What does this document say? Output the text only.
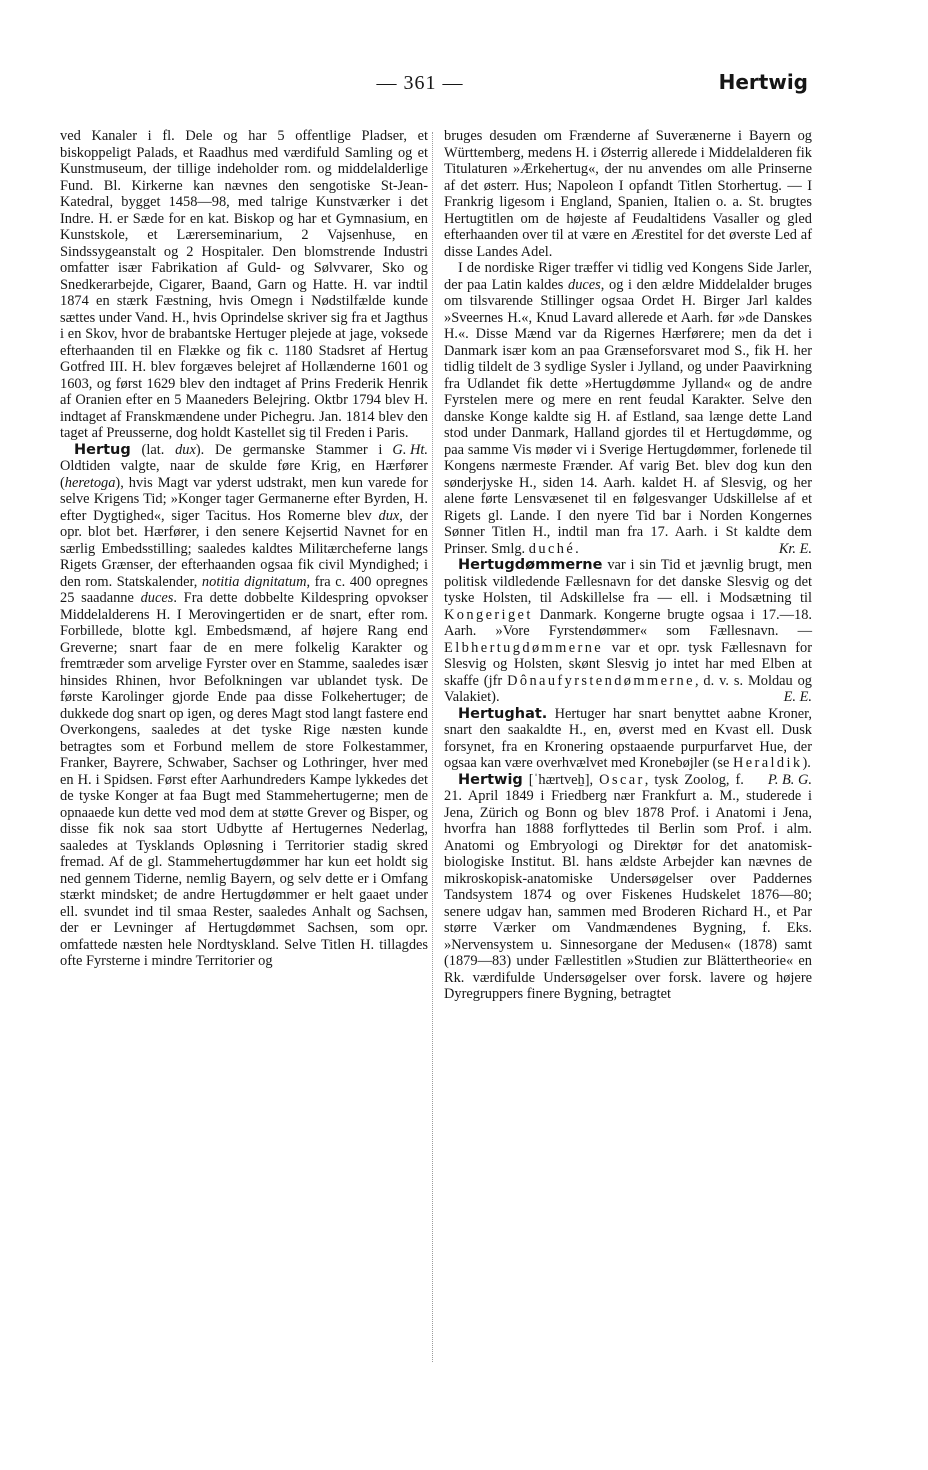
— 361 —	Hertwig

ved Kanaler i fl. Dele og har 5 offentlige Pladser, et biskoppeligt Palads, et Raadhus med værdifuld Samling og et Kunstmuseum, der tillige indeholder rom. og middelalderlige Fund. Bl. Kirkerne kan nævnes den sengotiske St-Jean-Katedral, bygget 1458—98, med talrige Kunstværker i det Indre. H. er Sæde for en kat. Biskop og har et Gymnasium, en Kunstskole, et Lærerseminarium, 2 Vajsenhuse, en Sindssygeanstalt og 2 Hospitaler. Den blomstrende Industri omfatter især Fabrikation af Guld- og Sølvvarer, Sko og Snedkerarbejde, Cigarer, Baand, Garn og Hatte. H. var indtil 1874 en stærk Fæstning, hvis Omegn i Nødstilfælde kunde sættes under Vand. H., hvis Oprindelse skriver sig fra et Jagthus i en Skov, hvor de brabantske Hertuger plejede at jage, voksede efterhaanden til en Flække og fik c. 1180 Stadsret af Hertug Gotfred III. H. blev forgæves belejret af Hollænderne 1601 og 1603, og først 1629 blev den indtaget af Prins Frederik Henrik af Oranien efter en 5 Maaneders Belejring. Oktbr 1794 blev H. indtaget af Franskmændene under Pichegru. Jan. 1814 blev den taget af Preusserne, dog holdt Kastellet sig til Freden i Paris.
G. Ht.

Hertug (lat. dux). De germanske Stammer i Oldtiden valgte, naar de skulde føre Krig, en Hærfører (heretoga), hvis Magt var yderst udstrakt, men kun varede for selve Krigens Tid; »Konger tager Germanerne efter Byrden, H. efter Dygtighed«, siger Tacitus. Hos Romerne blev dux, der opr. blot bet. Hærfører, i den senere Kejsertid Navnet for en særlig Embedsstilling; saaledes kaldtes Militærcheferne langs Rigets Grænser, der efterhaanden ogsaa fik civil Myndighed; i den rom. Statskalender, notitia dignitatum, fra c. 400 opregnes 25 saadanne duces. Fra dette dobbelte Kildespring opvokser Middelalderens H. I Merovingertiden er de snart, efter rom. Forbillede, blotte kgl. Embedsmænd, af højere Rang end Greverne; snart faar de en mere folkelig Karakter og fremtræder som arvelige Fyrster over en Stamme, saaledes især hinsides Rhinen, hvor Befolkningen var ublandet tysk. De første Karolinger gjorde Ende paa disse Folkehertuger; de dukkede dog snart op igen, og deres Magt stod langt fastere end Overkongens, saaledes at det tyske Rige næsten kunde betragtes som et Forbund mellem de store Folkestammer, Franker, Bayrere, Schwaber, Sachser og Lothringer, hver med en H. i Spidsen. Først efter Aarhundreders Kampe lykkedes det de tyske Konger at faa Bugt med Stammehertugerne; men de opnaaede kun dette ved mod dem at støtte Grever og Bisper, og disse fik nok saa stort Udbytte af Hertugernes Nederlag, saaledes at Tysklands Opløsning i Territorier stadig skred fremad. Af de gl. Stammehertugdømmer har kun eet holdt sig ned gennem Tiderne, nemlig Bayern, og selv dette er i Omfang stærkt mindsket; de andre Hertugdømmer er helt gaaet under ell. svundet ind til smaa Rester, saaledes Anhalt og Sachsen, der er Levninger af Hertugdømmet Sachsen, som opr. omfattede næsten hele Nordtyskland. Selve Titlen H. tillagdes ofte Fyrsterne i mindre Territorier og

bruges desuden om Frænderne af Suverænerne i Bayern og Württemberg, medens H. i Østerrig allerede i Middelalderen fik Titulaturen »Ærkehertug«, der nu anvendes om alle Prinserne af det østerr. Hus; Napoleon I opfandt Titlen Storhertug. — I Frankrig ligesom i England, Spanien, Italien o. a. St. brugtes Hertugtitlen om de højeste af Feudaltidens Vasaller og gled efterhaanden over til at være en Ærestitel for det øverste Led af disse Landes Adel.

I de nordiske Riger træffer vi tidlig ved Kongens Side Jarler, der paa Latin kaldes duces, og i den ældre Middelalder bruges om tilsvarende Stillinger ogsaa Ordet H. Birger Jarl kaldes »Sveernes H.«, Knud Lavard allerede et Aarh. før »de Danskes H.«. Disse Mænd var da Rigernes Hærførere; men da det i Danmark især kom an paa Grænseforsvaret mod S., fik H. her tidlig tildelt de 3 sydlige Sysler i Jylland, og under Paavirkning fra Udlandet fik dette »Hertugdømme Jylland« og de andre Fyrstelen mere og mere en rent feudal Karakter. Selve den danske Konge kaldte sig H. af Estland, saa længe dette Land stod under Danmark, Halland gjordes til et Hertugdømme, og paa samme Vis møder vi i Sverige Hertugdømmer, forlenede til Kongens nærmeste Frænder. Af varig Bet. blev dog kun den sønderjyske H., siden 14. Aarh. kaldet H. af Slesvig, og her alene førte Lensvæsenet til en følgesvanger Udskillelse af et Rigets gl. Lande. I den nyere Tid bar i Norden Kongernes Sønner Titlen H., indtil man fra 17. Aarh. i St kaldte dem Prinser. Smlg. duché.	Kr. E.

Hertugdømmerne var i sin Tid et jævnlig brugt, men politisk vildledende Fællesnavn for det danske Slesvig og det tyske Holsten, til Adskillelse fra — ell. i Modsætning til Kongeriget Danmark. Kongerne brugte ogsaa i 17.—18. Aarh. »Vore Fyrstendømmer« som Fællesnavn. — Elbhertugdømmerne var et opr. tysk Fællesnavn for Slesvig og Holsten, skønt Slesvig jo intet har med Elben at skaffe (jfr Dônaufyrstendømmerne, d. v. s. Moldau og Valakiet).	E. E.

Hertughat. Hertuger har snart benyttet aabne Kroner, snart den saakaldte H., en, øverst med en Kvast ell. Dusk forsynet, fra en Kronering opstaaende purpurfarvet Hue, der ogsaa kan være overhvælvet med Kronebøjler (se Heraldik).
P. B. G.

Hertwig [ˈhærtveẖ], Oscar, tysk Zoolog, f. 21. April 1849 i Friedberg nær Frankfurt a. M., studerede i Jena, Zürich og Bonn og blev 1878 Prof. i Anatomi i Jena, hvorfra han 1888 forflyttedes til Berlin som Prof. i alm. Anatomi og Embryologi og Direktør for det anatomisk-biologiske Institut. Bl. hans ældste Arbejder kan nævnes de mikroskopisk-anatomiske Undersøgelser over Paddernes Tandsystem 1874 og over Fiskenes Hudskelet 1876—80; senere udgav han, sammen med Broderen Richard H., et Par større Værker om Vandmændenes Bygning, f. Eks. »Nervensystem u. Sinnesorgane der Medusen« (1878) samt (1879—83) under Fællestitlen »Studien zur Blättertheorie« en Rk. værdifulde Undersøgelser over forsk. lavere og højere Dyregruppers finere Bygning, betragtet
